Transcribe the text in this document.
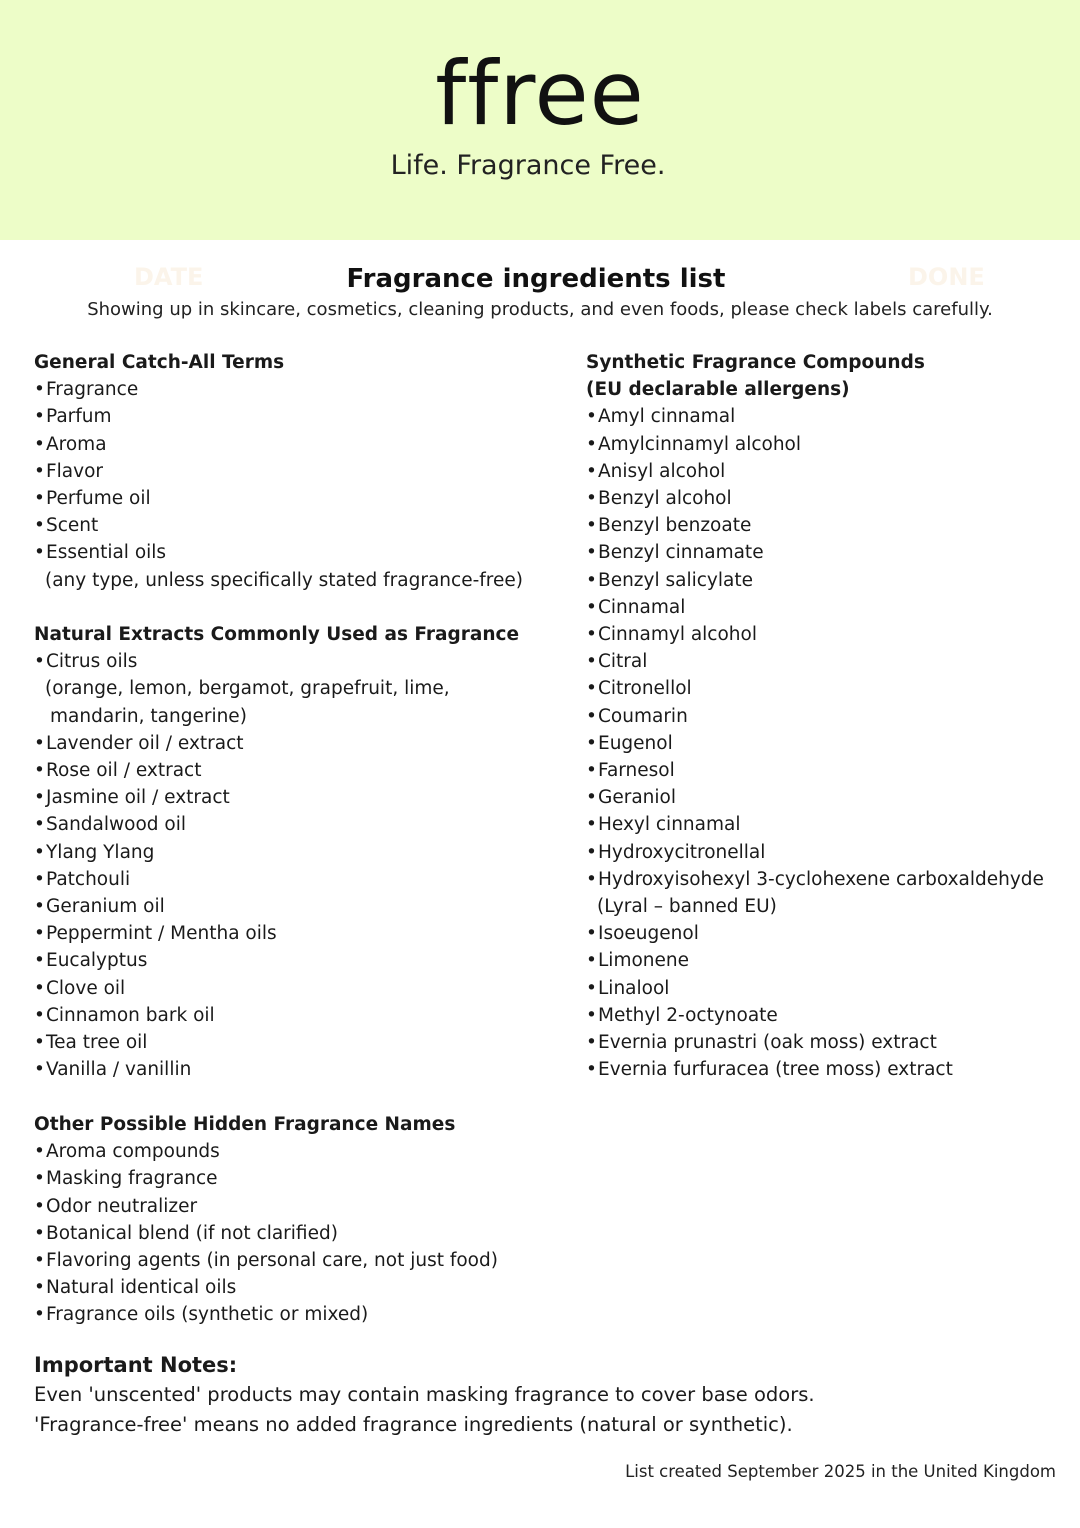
ffree
Life. Fragrance Free.
DATE	DONE
Fragrance ingredients list
Showing up in skincare, cosmetics, cleaning products, and even foods, please check labels carefully.
General Catch-All Terms
•Fragrance
•Parfum
•Aroma
•Flavor
•Perfume oil
•Scent
•Essential oils
(any type, unless specifically stated fragrance-free)
Natural Extracts Commonly Used as Fragrance
•Citrus oils
(orange, lemon, bergamot, grapefruit, lime,
mandarin, tangerine)
•Lavender oil / extract
•Rose oil / extract
•Jasmine oil / extract
•Sandalwood oil
•Ylang Ylang
•Patchouli
•Geranium oil
•Peppermint / Mentha oils
•Eucalyptus
•Clove oil
•Cinnamon bark oil
•Tea tree oil
•Vanilla / vanillin
Synthetic Fragrance Compounds
(EU declarable allergens)
•Amyl cinnamal
•Amylcinnamyl alcohol
•Anisyl alcohol
•Benzyl alcohol
•Benzyl benzoate
•Benzyl cinnamate
•Benzyl salicylate
•Cinnamal
•Cinnamyl alcohol
•Citral
•Citronellol
•Coumarin
•Eugenol
•Farnesol
•Geraniol
•Hexyl cinnamal
•Hydroxycitronellal
•Hydroxyisohexyl 3-cyclohexene carboxaldehyde
(Lyral – banned EU)
•Isoeugenol
•Limonene
•Linalool
•Methyl 2-octynoate
•Evernia prunastri (oak moss) extract
•Evernia furfuracea (tree moss) extract
Other Possible Hidden Fragrance Names
•Aroma compounds
•Masking fragrance
•Odor neutralizer
•Botanical blend (if not clarified)
•Flavoring agents (in personal care, not just food)
•Natural identical oils
•Fragrance oils (synthetic or mixed)
Important Notes:
Even 'unscented' products may contain masking fragrance to cover base odors.
'Fragrance-free' means no added fragrance ingredients (natural or synthetic).
List created September 2025 in the United Kingdom
